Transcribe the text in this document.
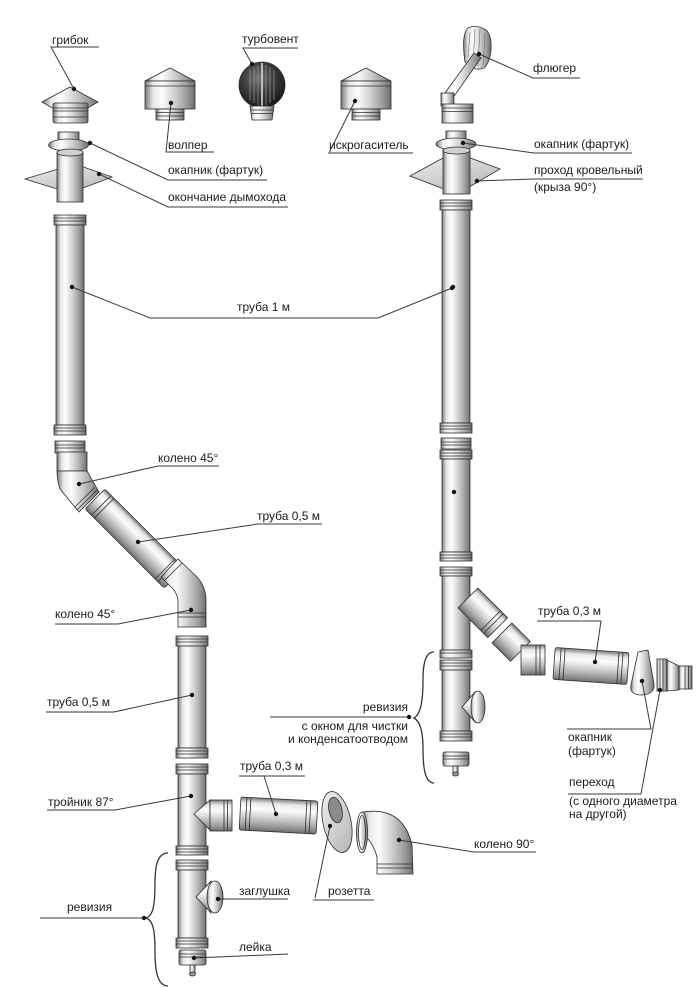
грибок	турбовент
волпер	искрогаситель
флюгер
окапник (фартук)
окончание дымохода
окапник (фартук)
проход кровельный
(крыза 90°)
труба 1 м
колено 45°
труба 0,5 м
колено 45°
труба 0,5 м
тройник 87°
труба 0,3 м
ревизия
заглушка
лейка
розетта
колено 90°
труба 0,3 м
ревизия
с окном для чистки
и конденсатоотводом	окапник
(фартук)
переход
(с одного диаметра
на другой)
